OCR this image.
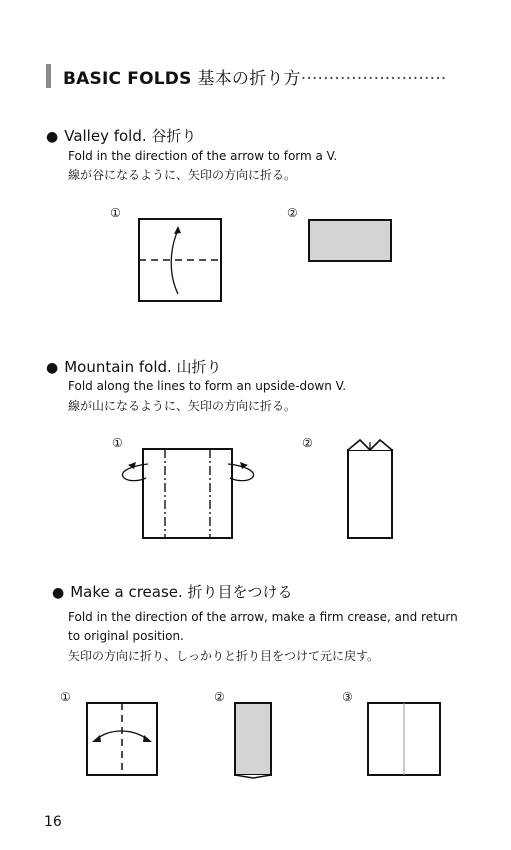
BASIC FOLDS 基本の折り方··························
● Valley fold. 谷折り
Fold in the direction of the arrow to form a V.
線が谷になるように、矢印の方向に折る。
①	②
● Mountain fold. 山折り
Fold along the lines to form an upside-down V.
線が山になるように、矢印の方向に折る。
①	②
● Make a crease. 折り目をつける
Fold in the direction of the arrow, make a firm crease, and return
to original position.
矢印の方向に折り、しっかりと折り目をつけて元に戻す。
①	②	③
16
